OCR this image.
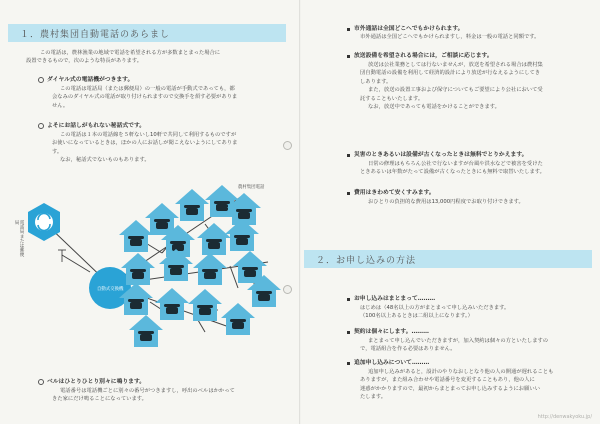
１．農村集団自動電話のあらまし
この電話は，農林漁業の地域で電話を希望される方が多数まとまった場合に
設置できるもので，次のような特長があります。
ダイヤル式の電話機がつきます。
この電話は電話局（または郵便局）の一般の電話が手動式であっても，都
会なみのダイヤル式の電話が取り付けられますので交換手を煩す必要がありま
せん。
よそにお話しがもれない秘話式です。
この電話は１本の電話線を５軒ないし10軒で共同して利用するものですが
お使いになっているときは，ほかの人にお話しが聞こえないようにしてありま
す。
なお，秘話式でないものもあります。
電話局または郵便局
自動式交換機
農村集団電話
ベルはひとりひとり別々に鳴ります。
電話番号は電話機ごとに別々の番号がつきますし，呼出のベルはかかって
きた家にだけ鳴ることになっています。
市外通話は全国どこへでもかけられます。
市外通話は全国どこへでもかけられますし，料金は一般の電話と同額です。
放送設備を希望される場合には，ご相談に応じます。
放送は公社業務としては行ないませんが，放送を希望される場合は農村集
団自動電話の設備を利用して経済的設計により放送が行なえるようにしてき
しあります。
また，放送の設置工事および保守についてもご要望により公社において受
託することもいたします。
なお，放送中であっても電話をかけることができます。
災害のときあるいは設備が古くなったときは無料でとりかえます。
日常の修理はもちろん公社で行ないますが台風や洪水などで被害を受けた
ときあるいは年数がたって設備が古くなったときにも無料で取替いたします。
費用はきわめて安くすみます。
おひとりの負担的な費用は13,000円程度でお取り付けできます。
２．お申し込みの方法
お申し込みはまとまって………
はじめは（48名以上の方がまとまって申し込みいただきます。
（100名以上あるときは二組以上になります。）
契約は個々にします。………
まとまって申し込んでいただきますが，加入契約は個々の方といたしますの
で，電話組合を作る必要はありません。
追加申し込みについて………
追加申し込みがあると，設計のやりなおしとなり他の人の開通が遅れることも
ありますが，また組み合わせや電話番号を変更することもあり，他の人に
迷惑がかかりますので，最初からまとまってお申し込みするようにお願いい
たします。
http://denwakyoku.jp/
